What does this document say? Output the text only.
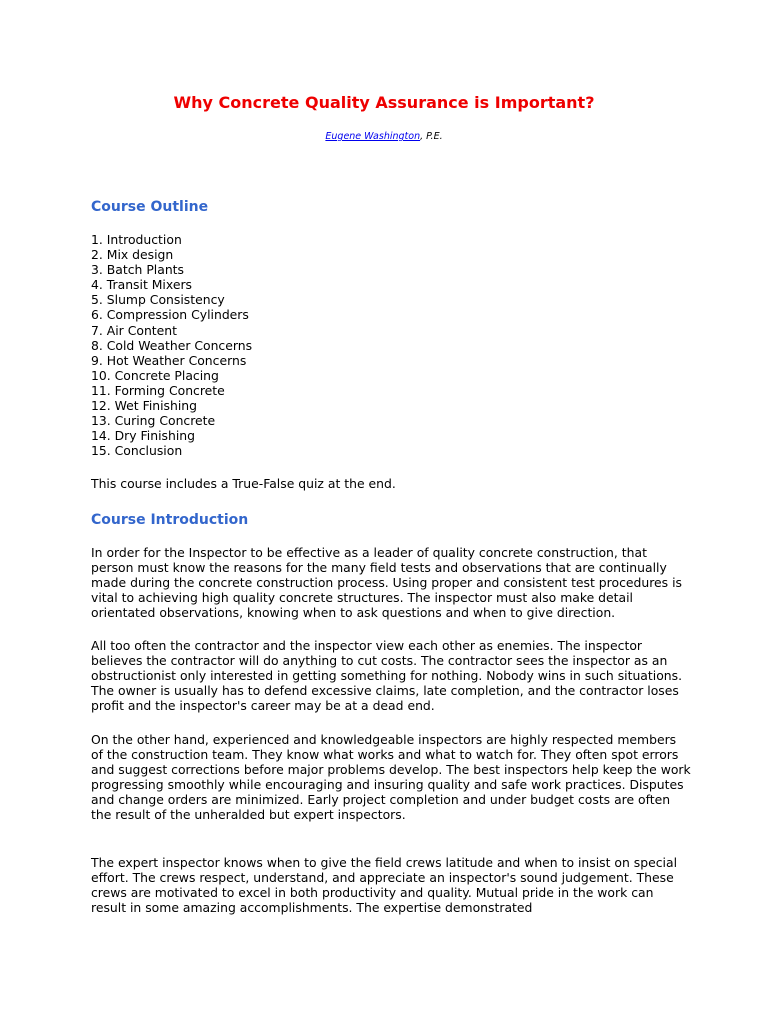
Why Concrete Quality Assurance is Important?
Eugene Washington, P.E.
Course Outline
1. Introduction
2. Mix design
3. Batch Plants
4. Transit Mixers
5. Slump Consistency
6. Compression Cylinders
7. Air Content
8. Cold Weather Concerns
9. Hot Weather Concerns
10. Concrete Placing
11. Forming Concrete
12. Wet Finishing
13. Curing Concrete
14. Dry Finishing
15. Conclusion

This course includes a True-False quiz at the end.

Course Introduction

In order for the Inspector to be effective as a leader of quality concrete construction, that person must know the reasons for the many field tests and observations that are continually made during the concrete construction process. Using proper and consistent test procedures is vital to achieving high quality concrete structures. The inspector must also make detail orientated observations, knowing when to ask questions and when to give direction.

All too often the contractor and the inspector view each other as enemies. The inspector believes the contractor will do anything to cut costs. The contractor sees the inspector as an obstructionist only interested in getting something for nothing. Nobody wins in such situations. The owner is usually has to defend excessive claims, late completion, and the contractor loses profit and the inspector's career may be at a dead end.

On the other hand, experienced and knowledgeable inspectors are highly respected members of the construction team. They know what works and what to watch for. They often spot errors and suggest corrections before major problems develop. The best inspectors help keep the work progressing smoothly while encouraging and insuring quality and safe work practices. Disputes and change orders are minimized. Early project completion and under budget costs are often the result of the unheralded but expert inspectors.

The expert inspector knows when to give the field crews latitude and when to insist on special effort. The crews respect, understand, and appreciate an inspector's sound judgement. These crews are motivated to excel in both productivity and quality. Mutual pride in the work can result in some amazing accomplishments. The expertise demonstrated
